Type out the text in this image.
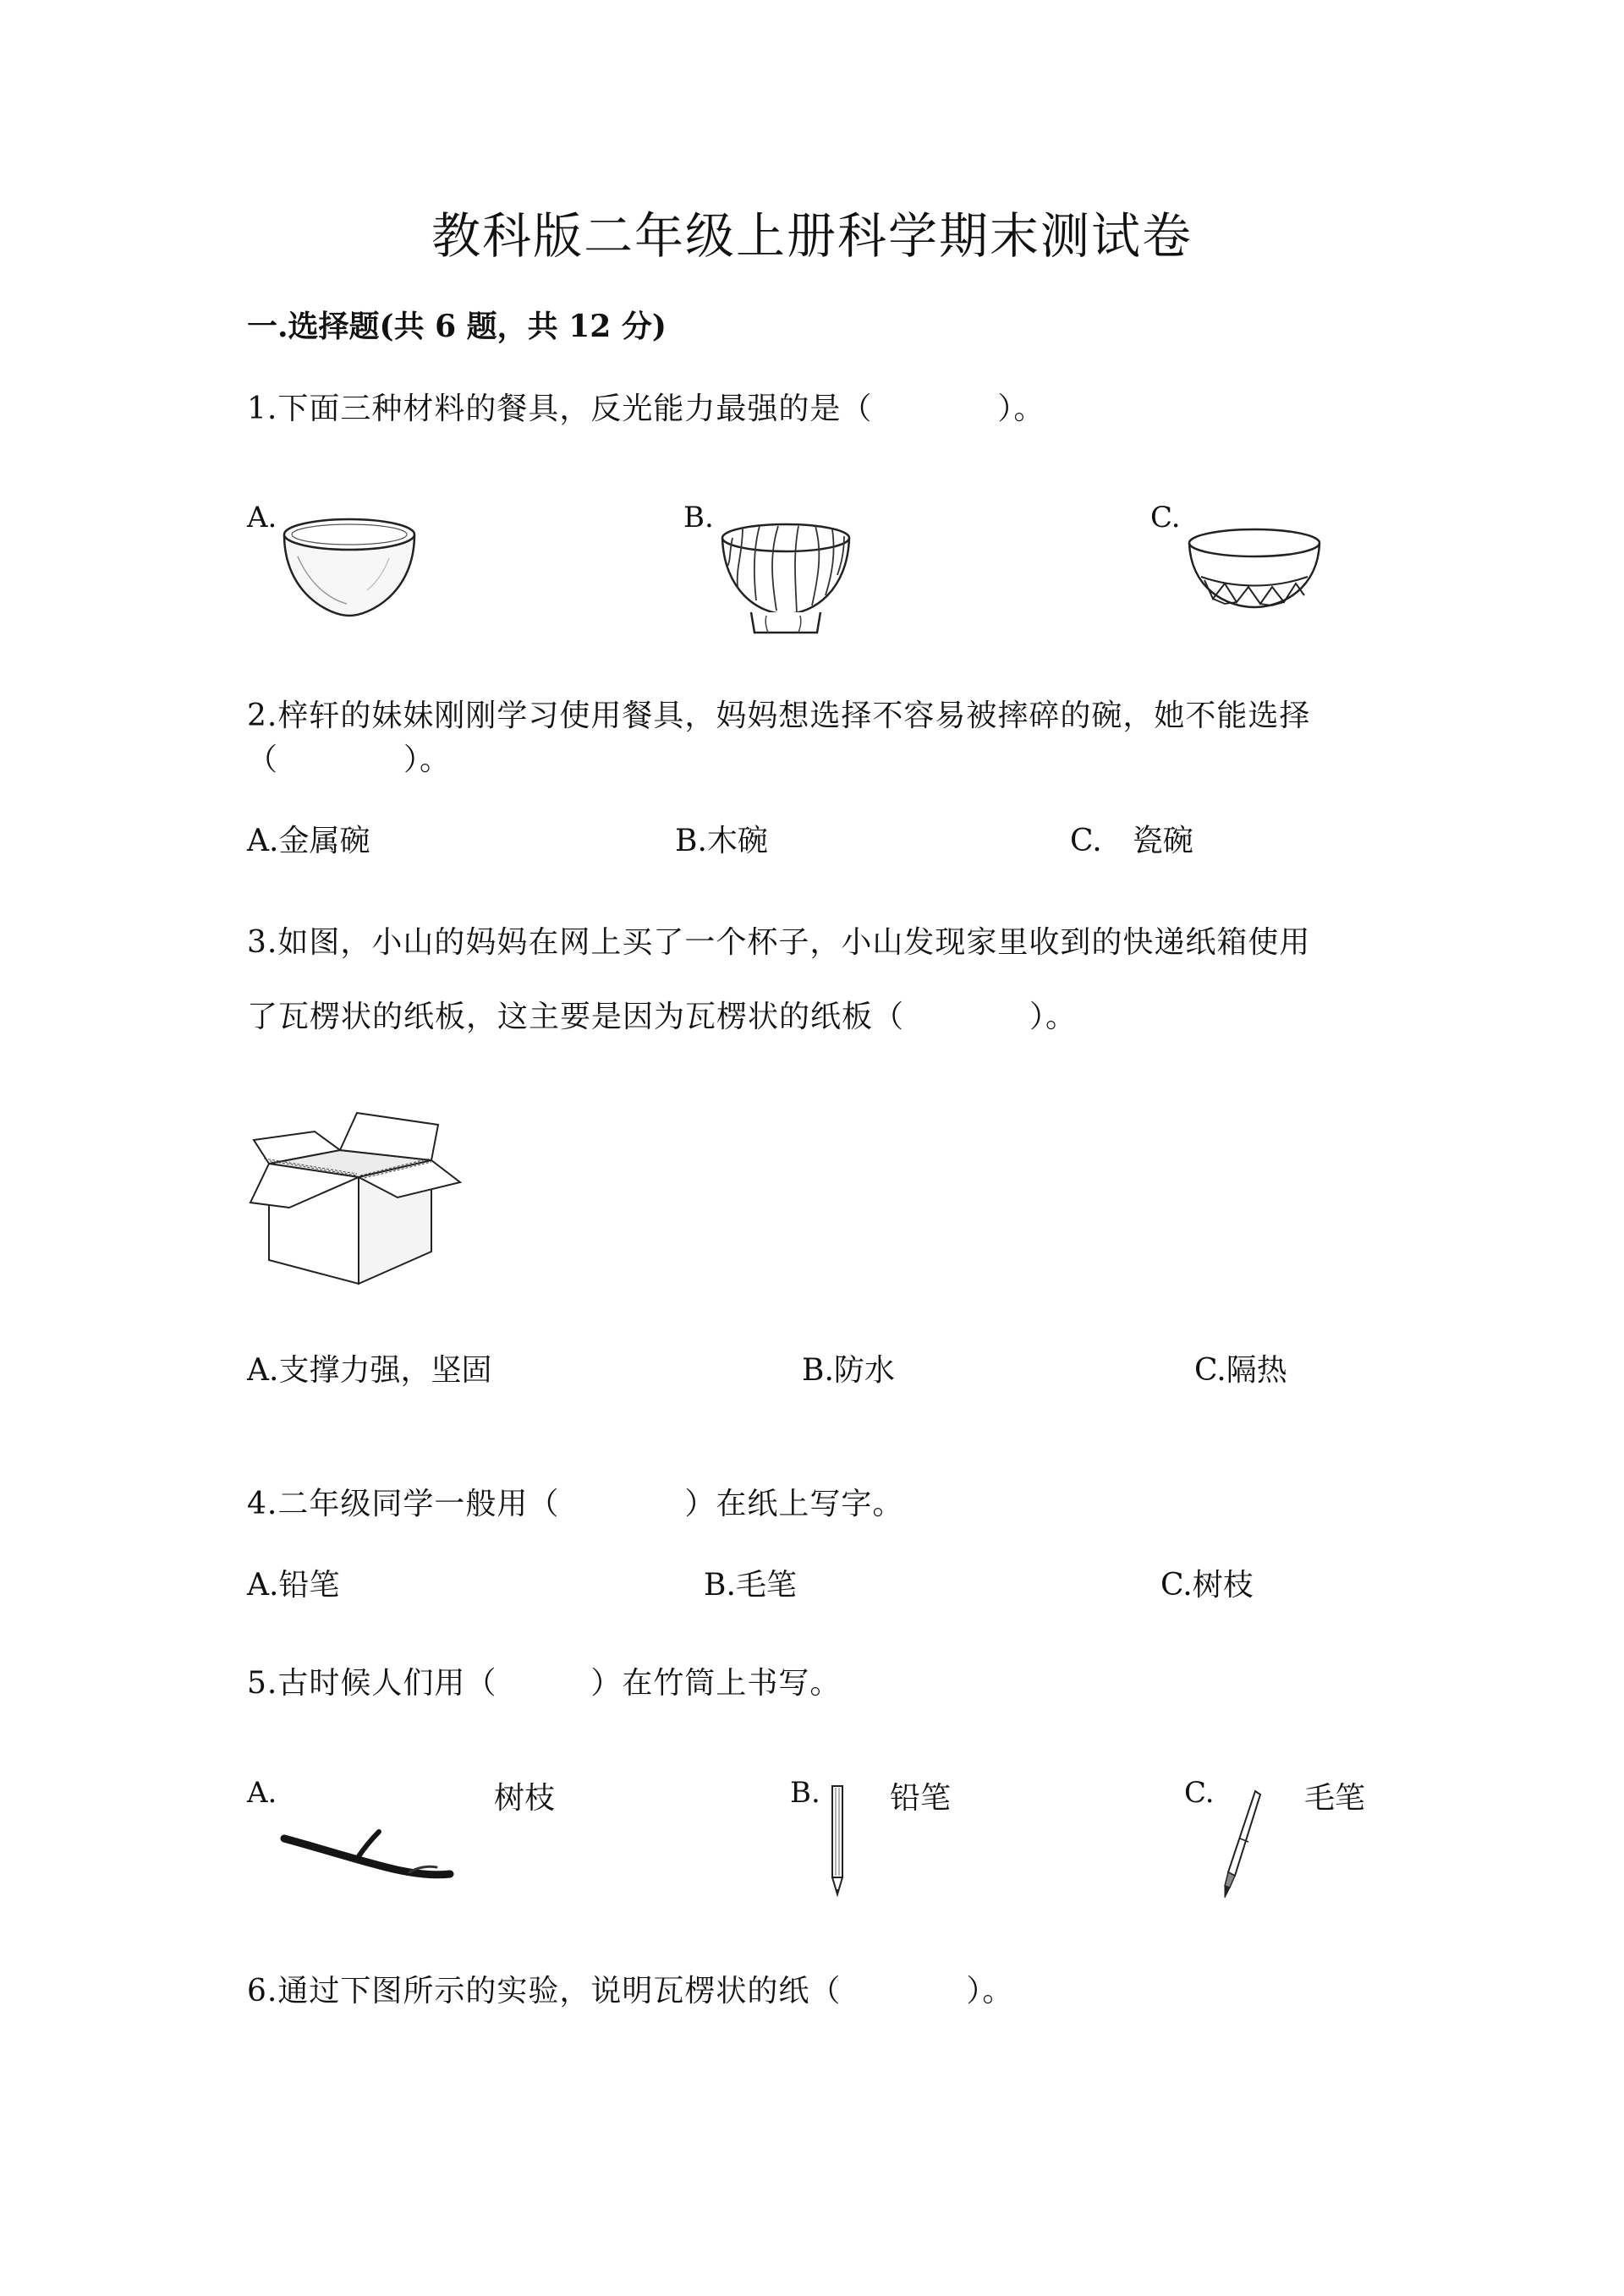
教科版二年级上册科学期末测试卷
一.选择题(共 6 题，共 12 分)
1.下面三种材料的餐具，反光能力最强的是（　　　　）。
A.	B.	C.
2.梓轩的妹妹刚刚学习使用餐具，妈妈想选择不容易被摔碎的碗，她不能选择
（　　　　）。
A.金属碗	B.木碗	C.　瓷碗
3.如图，小山的妈妈在网上买了一个杯子，小山发现家里收到的快递纸箱使用
了瓦楞状的纸板，这主要是因为瓦楞状的纸板（　　　　）。
A.支撑力强，坚固	B.防水	C.隔热
4.二年级同学一般用（　　　　）在纸上写字。
A.铅笔	B.毛笔	C.树枝
5.古时候人们用（　　　）在竹筒上书写。
A.	树枝	B. 铅笔	C.	毛笔
6.通过下图所示的实验，说明瓦楞状的纸（　　　　）。
